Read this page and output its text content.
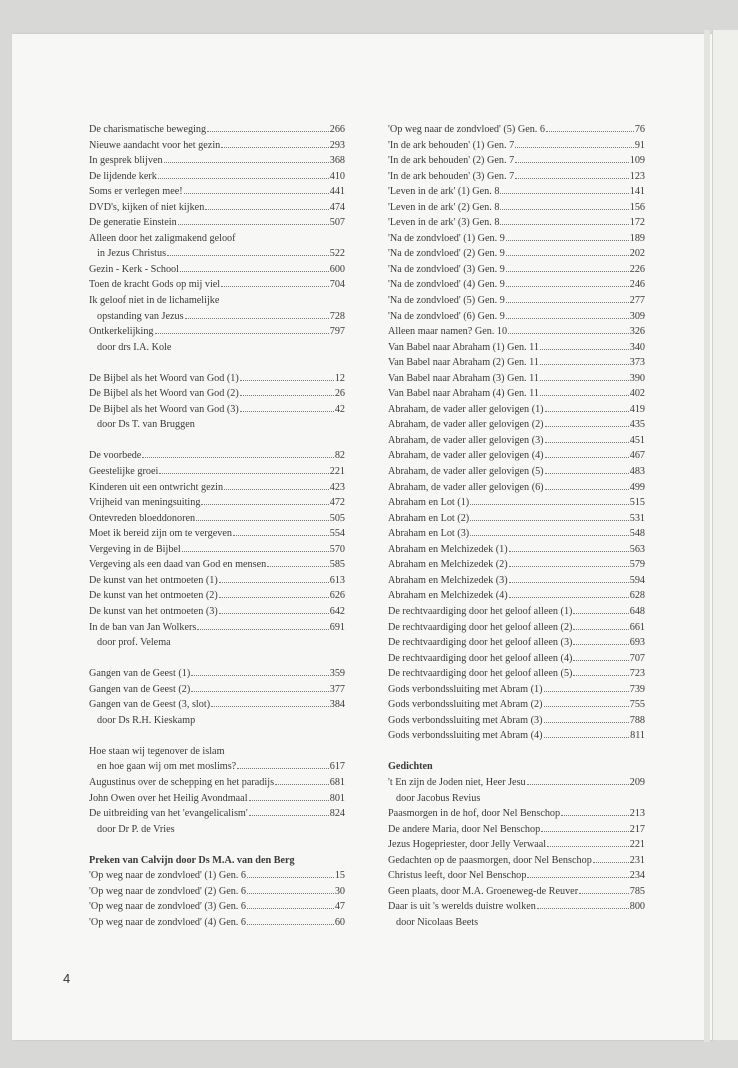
De charismatische beweging	266
Nieuwe aandacht voor het gezin	293
In gesprek blijven	368
De lijdende kerk	410
Soms er verlegen mee!	441
DVD's, kijken of niet kijken	474
De generatie Einstein	507
Alleen door het zaligmakend geloof
in Jezus Christus	522
Gezin - Kerk - School	600
Toen de kracht Gods op mij viel	704
Ik geloof niet in de lichamelijke
opstanding van Jezus	728
Ontkerkelijking	797
door drs I.A. Kole
De Bijbel als het Woord van God (1)	12
De Bijbel als het Woord van God (2)	26
De Bijbel als het Woord van God (3)	42
door Ds T. van Bruggen
De voorbede	82
Geestelijke groei	221
Kinderen uit een ontwricht gezin	423
Vrijheid van meningsuiting	472
Ontevreden bloeddonoren	505
Moet ik bereid zijn om te vergeven	554
Vergeving in de Bijbel	570
Vergeving als een daad van God en mensen	585
De kunst van het ontmoeten (1)	613
De kunst van het ontmoeten (2)	626
De kunst van het ontmoeten (3)	642
In de ban van Jan Wolkers	691
door prof. Velema
Gangen van de Geest (1)	359
Gangen van de Geest (2)	377
Gangen van de Geest (3, slot)	384
door Ds R.H. Kieskamp
Hoe staan wij tegenover de islam
en hoe gaan wij om met moslims?	617
Augustinus over de schepping en het paradijs	681
John Owen over het Heilig Avondmaal	801
De uitbreiding van het 'evangelicalism'	824
door Dr P. de Vries
Preken van Calvijn door Ds M.A. van den Berg
'Op weg naar de zondvloed' (1) Gen. 6	15
'Op weg naar de zondvloed' (2) Gen. 6	30
'Op weg naar de zondvloed' (3) Gen. 6	47
'Op weg naar de zondvloed' (4) Gen. 6	60
'Op weg naar de zondvloed' (5) Gen. 6	76
'In de ark behouden' (1) Gen. 7	91
'In de ark behouden' (2) Gen. 7	109
'In de ark behouden' (3) Gen. 7	123
'Leven in de ark' (1) Gen. 8	141
'Leven in de ark' (2) Gen. 8	156
'Leven in de ark' (3) Gen. 8	172
'Na de zondvloed' (1) Gen. 9	189
'Na de zondvloed' (2) Gen. 9	202
'Na de zondvloed' (3) Gen. 9	226
'Na de zondvloed' (4) Gen. 9	246
'Na de zondvloed' (5) Gen. 9	277
'Na de zondvloed' (6) Gen. 9	309
Alleen maar namen? Gen. 10	326
Van Babel naar Abraham (1) Gen. 11	340
Van Babel naar Abraham (2) Gen. 11	373
Van Babel naar Abraham (3) Gen. 11	390
Van Babel naar Abraham (4) Gen. 11	402
Abraham, de vader aller gelovigen (1)	419
Abraham, de vader aller gelovigen (2)	435
Abraham, de vader aller gelovigen (3)	451
Abraham, de vader aller gelovigen (4)	467
Abraham, de vader aller gelovigen (5)	483
Abraham, de vader aller gelovigen (6)	499
Abraham en Lot (1)	515
Abraham en Lot (2)	531
Abraham en Lot (3)	548
Abraham en Melchizedek (1)	563
Abraham en Melchizedek (2)	579
Abraham en Melchizedek (3)	594
Abraham en Melchizedek (4)	628
De rechtvaardiging door het geloof alleen (1)	648
De rechtvaardiging door het geloof alleen (2)	661
De rechtvaardiging door het geloof alleen (3)	693
De rechtvaardiging door het geloof alleen (4)	707
De rechtvaardiging door het geloof alleen (5)	723
Gods verbondssluiting met Abram (1)	739
Gods verbondssluiting met Abram (2)	755
Gods verbondssluiting met Abram (3)	788
Gods verbondssluiting met Abram (4)	811
Gedichten
't En zijn de Joden niet, Heer Jesu	209
door Jacobus Revius
Paasmorgen in de hof, door Nel Benschop	213
De andere Maria, door Nel Benschop	217
Jezus Hogepriester, door Jelly Verwaal	221
Gedachten op de paasmorgen, door Nel Benschop	231
Christus leeft, door Nel Benschop	234
Geen plaats, door M.A. Groeneweg-de Reuver	785
Daar is uit 's werelds duistre wolken	800
door Nicolaas Beets
4
